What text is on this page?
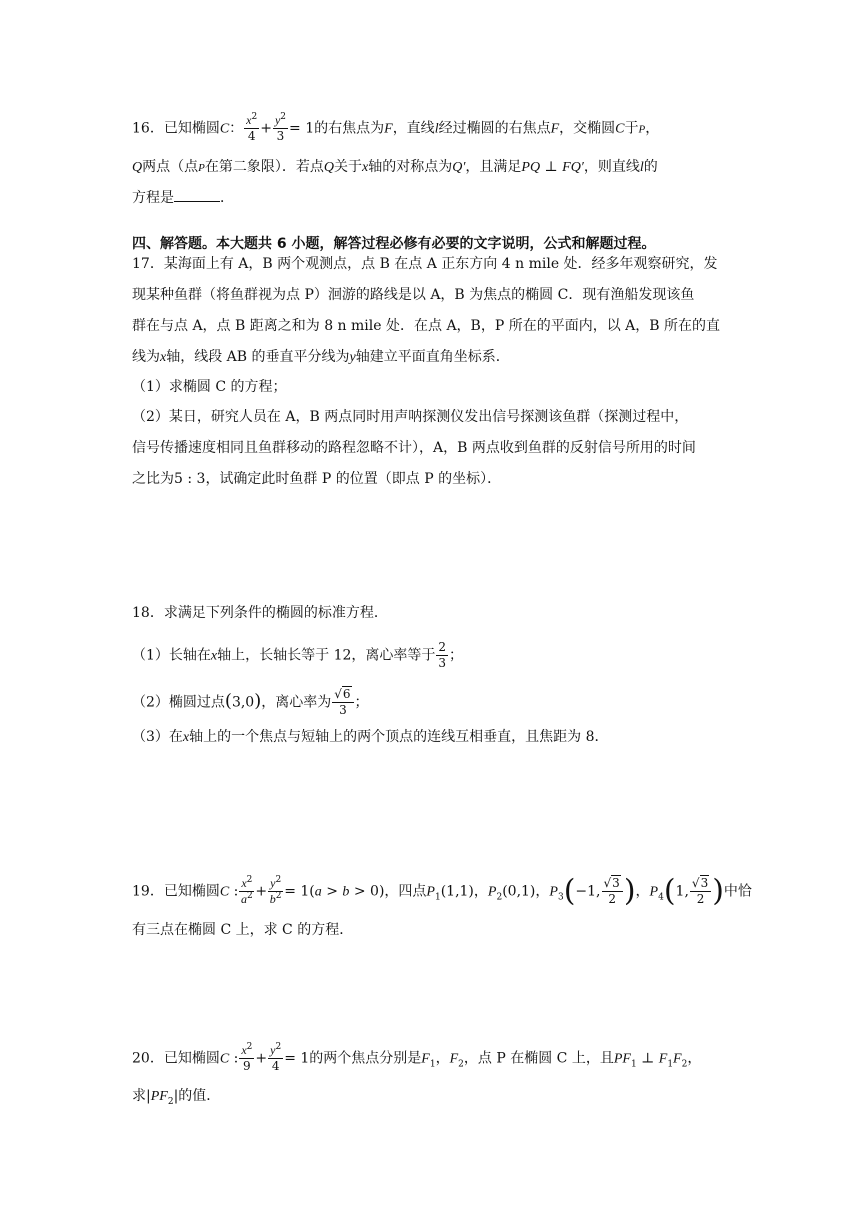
16．已知椭圆C： $\frac{x^2}{4} + \frac{y^2}{3} = 1$的右焦点为F，直线l经过椭圆的右焦点F，交椭圆C于P，
Q两点（点P在第二象限）．若点Q关于x轴的对称点为Q′，且满足PQ ⊥ FQ′，则直线l的
方程是	．
四、解答题。本大题共 6 小题，解答过程必修有必要的文字说明，公式和解题过程。
17．某海面上有 A，B 两个观测点，点 B 在点 A 正东方向 4 n mile 处．经多年观察研究，发
现某种鱼群（将鱼群视为点 P）洄游的路线是以 A，B 为焦点的椭圆 C．现有渔船发现该鱼
群在与点 A，点 B 距离之和为 8 n mile 处．在点 A，B，P 所在的平面内，以 A，B 所在的直
线为x轴，线段 AB 的垂直平分线为y轴建立平面直角坐标系．
（1）求椭圆 C 的方程；
（2）某日，研究人员在 A，B 两点同时用声呐探测仪发出信号探测该鱼群（探测过程中，
信号传播速度相同且鱼群移动的路程忽略不计），A，B 两点收到鱼群的反射信号所用的时间
之比为5 : 3，试确定此时鱼群 P 的位置（即点 P 的坐标）．
18．求满足下列条件的椭圆的标准方程．
（1）长轴在x轴上，长轴长等于 12，离心率等于 $\frac{2}{3}$ ；
（2）椭圆过点(3,0)，离心率为 $\frac{√6}{3}$ ；
（3）在x轴上的一个焦点与短轴上的两个顶点的连线互相垂直，且焦距为 8．
19．已知椭圆C : $\frac{x^2}{a^2} + \frac{y^2}{b^2} = 1(a > b > 0)$，四点$P_1(1,1)$，$P_2(0,1)$，$P_3(-1$, $\frac{√3}{2}$ )，$P_4(1$, $\frac{√3}{2}$ )中恰
有三点在椭圆 C 上，求 C 的方程．
20．已知椭圆C : $\frac{x^2}{9} + \frac{y^2}{4} = 1$的两个焦点分别是$F_1$，$F_2$，点 P 在椭圆 C 上，且$PF_1$ ⊥ $F_1F_2$，
求$|PF_2|$的值．
